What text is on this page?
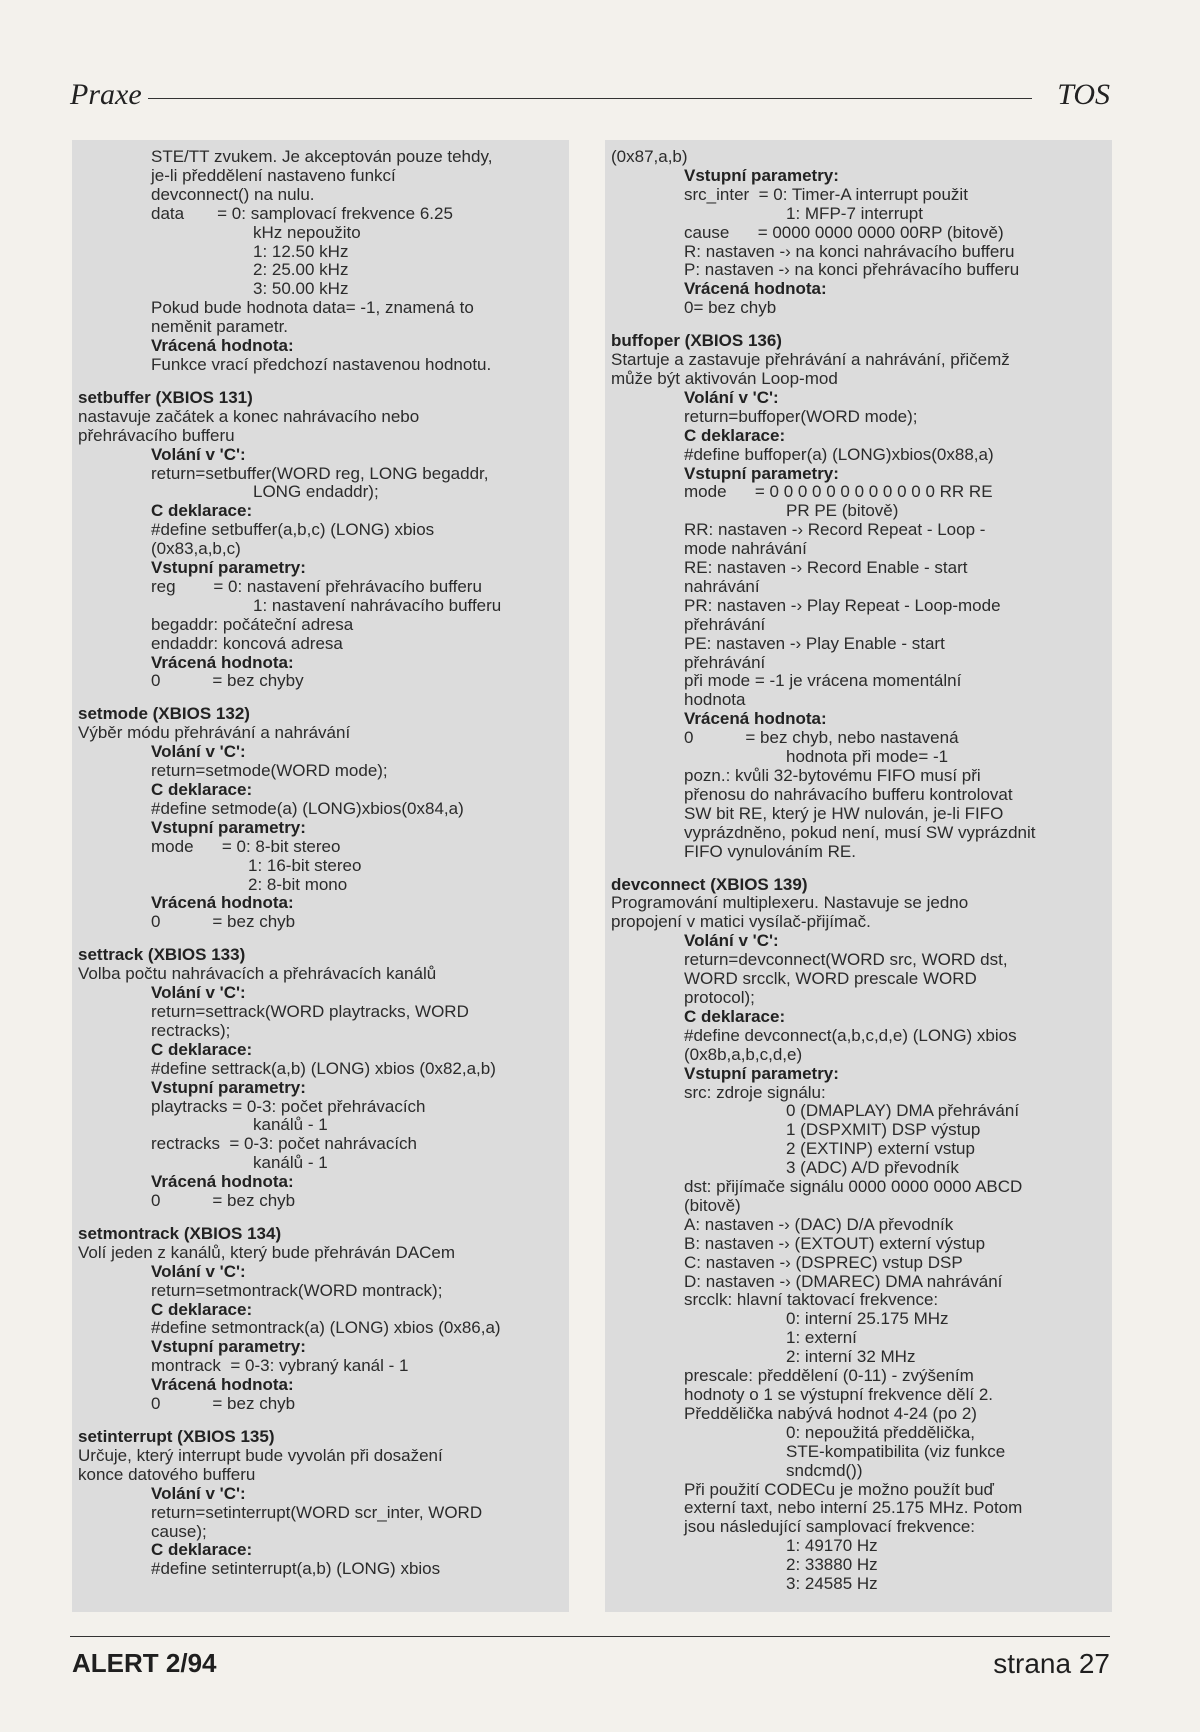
Praxe	TOS
STE/TT zvukem. Je akceptován pouze tehdy,
je-li předdělení nastaveno funkcí
devconnect() na nulu.
data       = 0: samplovací frekvence 6.25
kHz nepoužito
1: 12.50 kHz
2: 25.00 kHz
3: 50.00 kHz
Pokud bude hodnota data= -1, znamená to
neměnit parametr.
Vrácená hodnota:
Funkce vrací předchozí nastavenou hodnotu.
setbuffer (XBIOS 131)
nastavuje začátek a konec nahrávacího nebo
přehrávacího bufferu
Volání v 'C':
return=setbuffer(WORD reg, LONG begaddr,
LONG endaddr);
C deklarace:
#define setbuffer(a,b,c) (LONG) xbios
(0x83,a,b,c)
Vstupní parametry:
reg        = 0: nastavení přehrávacího bufferu
1: nastavení nahrávacího bufferu
begaddr: počáteční adresa
endaddr: koncová adresa
Vrácená hodnota:
0           = bez chyby
setmode (XBIOS 132)
Výběr módu přehrávání a nahrávání
Volání v 'C':
return=setmode(WORD mode);
C deklarace:
#define setmode(a) (LONG)xbios(0x84,a)
Vstupní parametry:
mode      = 0: 8-bit stereo
1: 16-bit stereo
2: 8-bit mono
Vrácená hodnota:
0           = bez chyb
settrack (XBIOS 133)
Volba počtu nahrávacích a přehrávacích kanálů
Volání v 'C':
return=settrack(WORD playtracks, WORD
rectracks);
C deklarace:
#define settrack(a,b) (LONG) xbios (0x82,a,b)
Vstupní parametry:
playtracks = 0-3: počet přehrávacích
kanálů - 1
rectracks  = 0-3: počet nahrávacích
kanálů - 1
Vrácená hodnota:
0           = bez chyb
setmontrack (XBIOS 134)
Volí jeden z kanálů, který bude přehráván DACem
Volání v 'C':
return=setmontrack(WORD montrack);
C deklarace:
#define setmontrack(a) (LONG) xbios (0x86,a)
Vstupní parametry:
montrack  = 0-3: vybraný kanál - 1
Vrácená hodnota:
0           = bez chyb
setinterrupt (XBIOS 135)
Určuje, který interrupt bude vyvolán při dosažení
konce datového bufferu
Volání v 'C':
return=setinterrupt(WORD scr_inter, WORD
cause);
C deklarace:
#define setinterrupt(a,b) (LONG) xbios
(0x87,a,b)
Vstupní parametry:
src_inter  = 0: Timer-A interrupt použit
1: MFP-7 interrupt
cause      = 0000 0000 0000 00RP (bitově)
R: nastaven -› na konci nahrávacího bufferu
P: nastaven -› na konci přehrávacího bufferu
Vrácená hodnota:
0= bez chyb
buffoper (XBIOS 136)
Startuje a zastavuje přehrávání a nahrávání, přičemž
může být aktivován Loop-mod
Volání v 'C':
return=buffoper(WORD mode);
C deklarace:
#define buffoper(a) (LONG)xbios(0x88,a)
Vstupní parametry:
mode      = 0 0 0 0 0 0 0 0 0 0 0 0 RR RE
PR PE (bitově)
RR: nastaven -› Record Repeat - Loop -
mode nahrávání
RE: nastaven -› Record Enable - start
nahrávání
PR: nastaven -› Play Repeat - Loop-mode
přehrávání
PE: nastaven -› Play Enable - start
přehrávání
při mode = -1 je vrácena momentální
hodnota
Vrácená hodnota:
0           = bez chyb, nebo nastavená
hodnota při mode= -1
pozn.: kvůli 32-bytovému FIFO musí při
přenosu do nahrávacího bufferu kontrolovat
SW bit RE, který je HW nulován, je-li FIFO
vyprázdněno, pokud není, musí SW vyprázdnit
FIFO vynulováním RE.
devconnect (XBIOS 139)
Programování multiplexeru. Nastavuje se jedno
propojení v matici vysílač-přijímač.
Volání v 'C':
return=devconnect(WORD src, WORD dst,
WORD srcclk, WORD prescale WORD
protocol);
C deklarace:
#define devconnect(a,b,c,d,e) (LONG) xbios
(0x8b,a,b,c,d,e)
Vstupní parametry:
src: zdroje signálu:
0 (DMAPLAY) DMA přehrávání
1 (DSPXMIT) DSP výstup
2 (EXTINP) externí vstup
3 (ADC) A/D převodník
dst: přijímače signálu 0000 0000 0000 ABCD
(bitově)
A: nastaven -› (DAC) D/A převodník
B: nastaven -› (EXTOUT) externí výstup
C: nastaven -› (DSPREC) vstup DSP
D: nastaven -› (DMAREC) DMA nahrávání
srcclk: hlavní taktovací frekvence:
0: interní 25.175 MHz
1: externí
2: interní 32 MHz
prescale: předdělení (0-11) - zvýšením
hodnoty o 1 se výstupní frekvence dělí 2.
Předdělička nabývá hodnot 4-24 (po 2)
0: nepoužitá předdělička,
STE-kompatibilita (viz funkce
sndcmd())
Při použití CODECu je možno použít buď
externí taxt, nebo interní 25.175 MHz. Potom
jsou následující samplovací frekvence:
1: 49170 Hz
2: 33880 Hz
3: 24585 Hz
ALERT 2/94	strana 27
